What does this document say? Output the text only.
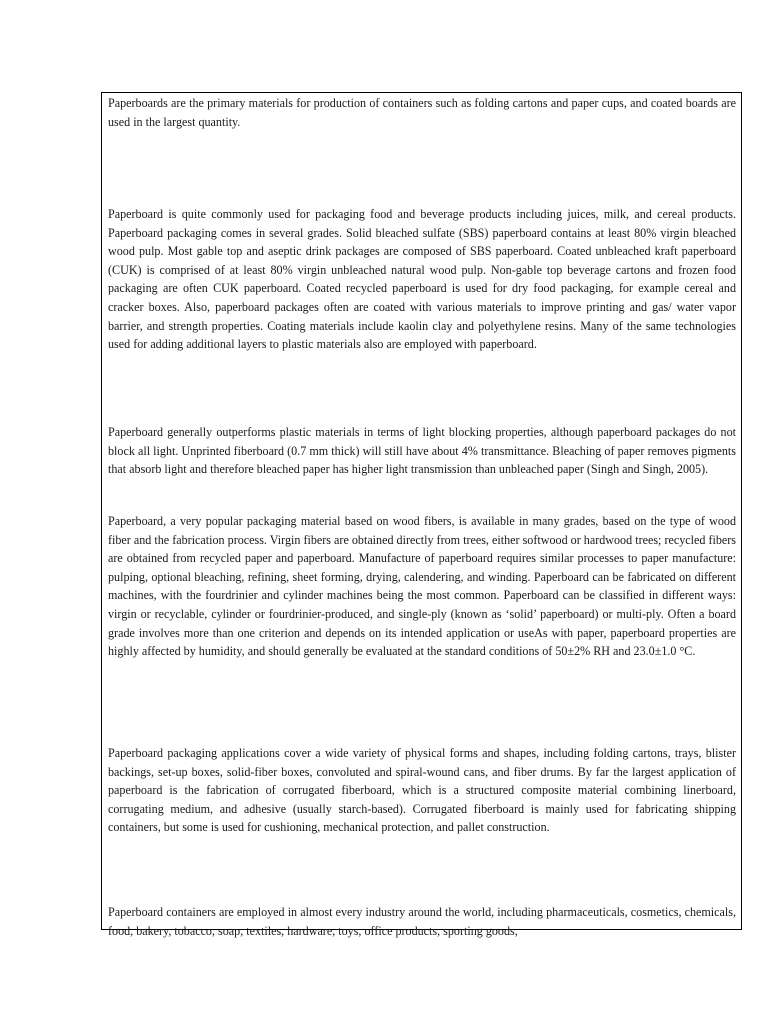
Paperboards are the primary materials for production of containers such as folding cartons and paper cups, and coated boards are used in the largest quantity.

Paperboard is quite commonly used for packaging food and beverage products including juices, milk, and cereal products. Paperboard packaging comes in several grades. Solid bleached sulfate (SBS) paperboard contains at least 80% virgin bleached wood pulp. Most gable top and aseptic drink packages are composed of SBS paperboard. Coated unbleached kraft paperboard (CUK) is comprised of at least 80% virgin unbleached natural wood pulp. Non-gable top beverage cartons and frozen food packaging are often CUK paperboard. Coated recycled paperboard is used for dry food packaging, for example cereal and cracker boxes. Also, paperboard packages often are coated with various materials to improve printing and gas/ water vapor barrier, and strength properties. Coating materials include kaolin clay and polyethylene resins. Many of the same technologies used for adding additional layers to plastic materials also are employed with paperboard.

Paperboard generally outperforms plastic materials in terms of light blocking properties, although paperboard packages do not block all light. Unprinted fiberboard (0.7 mm thick) will still have about 4% transmittance. Bleaching of paper removes pigments that absorb light and therefore bleached paper has higher light transmission than unbleached paper (Singh and Singh, 2005).

Paperboard, a very popular packaging material based on wood fibers, is available in many grades, based on the type of wood fiber and the fabrication process. Virgin fibers are obtained directly from trees, either softwood or hardwood trees; recycled fibers are obtained from recycled paper and paperboard. Manufacture of paperboard requires similar processes to paper manufacture: pulping, optional bleaching, refining, sheet forming, drying, calendering, and winding. Paperboard can be fabricated on different machines, with the fourdrinier and cylinder machines being the most common. Paperboard can be classified in different ways: virgin or recyclable, cylinder or fourdrinier-produced, and single-ply (known as ‘solid’ paperboard) or multi-ply. Often a board grade involves more than one criterion and depends on its intended application or useAs with paper, paperboard properties are highly affected by humidity, and should generally be evaluated at the standard conditions of 50±2% RH and 23.0±1.0 °C.

Paperboard packaging applications cover a wide variety of physical forms and shapes, including folding cartons, trays, blister backings, set-up boxes, solid-fiber boxes, convoluted and spiral-wound cans, and fiber drums. By far the largest application of paperboard is the fabrication of corrugated fiberboard, which is a structured composite material combining linerboard, corrugating medium, and adhesive (usually starch-based). Corrugated fiberboard is mainly used for fabricating shipping containers, but some is used for cushioning, mechanical protection, and pallet construction.

Paperboard containers are employed in almost every industry around the world, including pharmaceuticals, cosmetics, chemicals, food, bakery, tobacco, soap, textiles, hardware, toys, office products, sporting goods,
